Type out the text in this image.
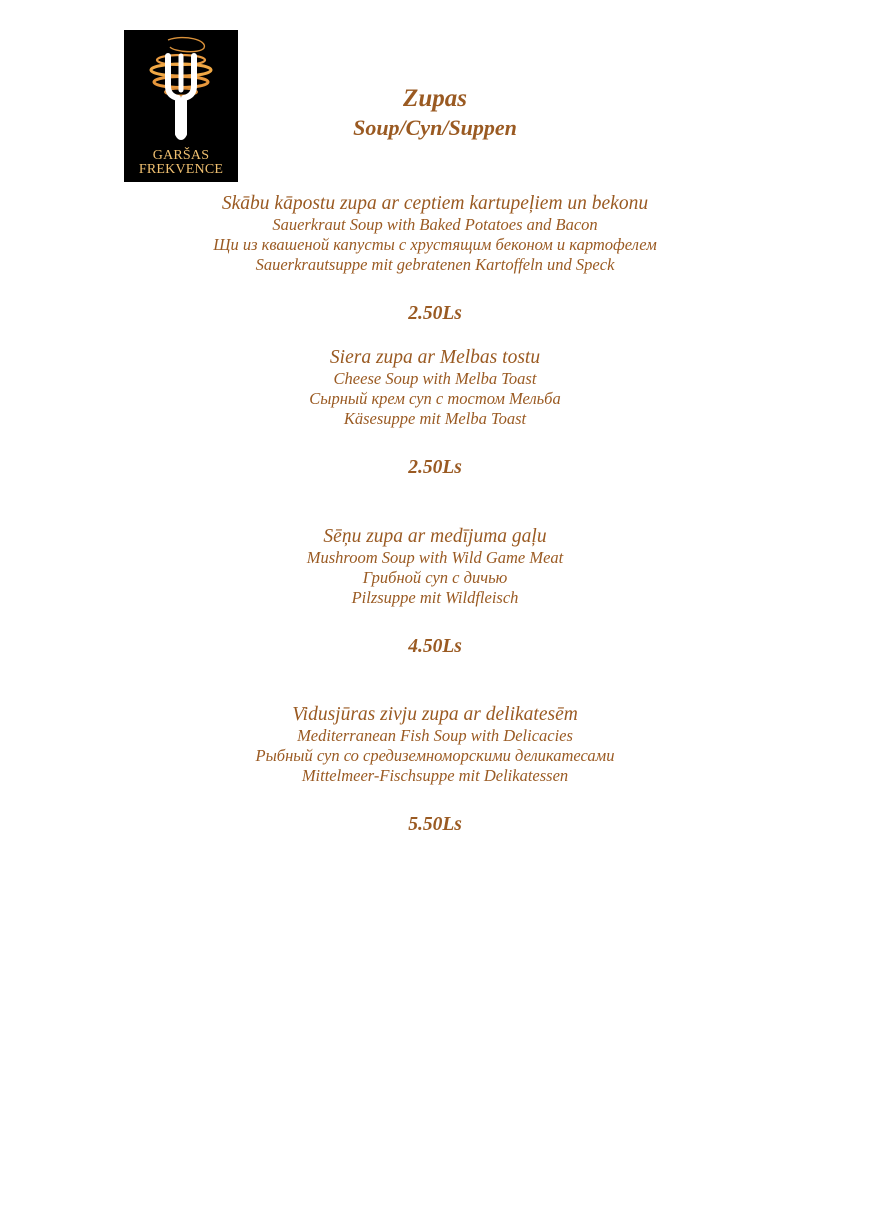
GARŠAS
FREKVENCE
Zupas
Soup/Суп/Suppen
Skābu kāpostu zupa ar ceptiem kartupeļiem un bekonu
Sauerkraut Soup with Baked Potatoes and Bacon
Щи из квашеной капусты с хрустящим беконом и картофелем
Sauerkrautsuppe mit gebratenen Kartoffeln und Speck
2.50Ls
Siera zupa ar Melbas tostu
Cheese Soup with Melba Toast
Сырный крем суп с тостом Мельба
Käsesuppe mit Melba Toast
2.50Ls
Sēņu zupa ar medījuma gaļu
Mushroom Soup with Wild Game Meat
Грибной суп с дичью
Pilzsuppe mit Wildfleisch
4.50Ls
Vidusjūras zivju zupa ar delikatesēm
Mediterranean Fish Soup with Delicacies
Рыбный суп со средиземноморскими деликатесами
Mittelmeer-Fischsuppe mit Delikatessen
5.50Ls
